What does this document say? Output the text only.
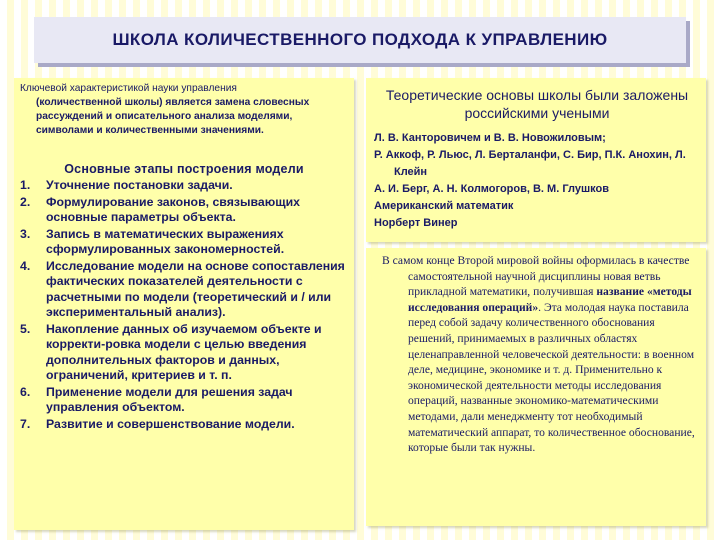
ШКОЛА КОЛИЧЕСТВЕННОГО ПОДХОДА К УПРАВЛЕНИЮ
Ключевой характеристикой науки управления
(количественной школы) является замена словесных рассуждений и описательного анализа моделями, символами и количественными значениями.
Основные этапы построения модели
1. Уточнение постановки задачи.
2. Формулирование законов, связывающих основные параметры объекта.
3. Запись в математических выражениях сформулированных закономерностей.
4. Исследование модели на основе сопоставления фактических показателей деятельности с расчетными по модели (теоретический и / или экспериментальный анализ).
5. Накопление данных об изучаемом объекте и корректи-ровка модели с целью введения дополнительных факторов и данных, ограничений, критериев и т. п.
6. Применение модели для решения задач управления объектом.
7. Развитие и совершенствование модели.
Теоретические основы школы были заложены российскими учеными
Л. В. Канторовичем и В. В. Новожиловым;
Р. Аккоф, Р. Льюс, Л. Берталанфи, С. Бир, П.К. Анохин, Л. Клейн
А. И. Берг, А. Н. Колмогоров, В. М. Глушков
Американский математик
Норберт Винер
В самом конце Второй мировой войны оформилась в качестве самостоятельной научной дисциплины новая ветвь прикладной математики, получившая название «методы исследования операций». Эта молодая наука поставила перед собой задачу количественного обоснования решений, принимаемых в различных областях целенаправленной человеческой деятельности: в военном деле, медицине, экономике и т. д. Применительно к экономической деятельности методы исследования операций, названные экономико-математическими методами, дали менеджменту тот необходимый математический аппарат, то количественное обоснование, которые были так нужны.
